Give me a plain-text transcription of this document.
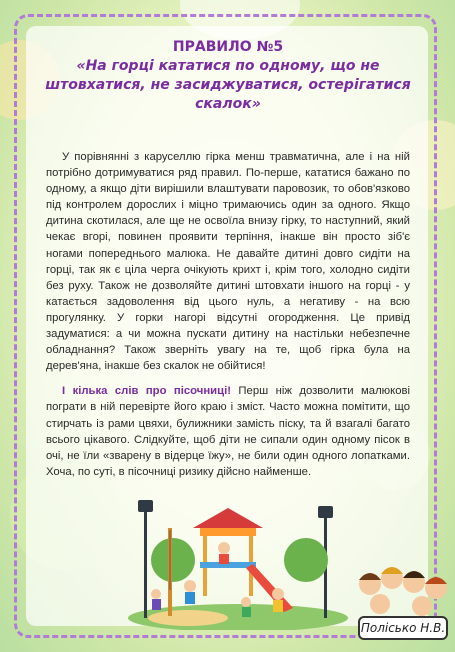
ПРАВИЛО №5
«На горці кататися по одному, що не штовхатися, не засиджуватися, остерігатися скалок»

У порівнянні з каруселлю гірка менш травматична, але і на ній потрібно дотримуватися ряд правил. По-перше, кататися бажано по одному, а якщо діти вирішили влаштувати паровозик, то обов'язково під контролем дорослих і міцно тримаючись один за одного. Якщо дитина скотилася, але ще не освоїла внизу гірку, то наступний, який чекає вгорі, повинен проявити терпіння, інакше він просто зіб'є ногами попереднього малюка. Не давайте дитині довго сидіти на горці, так як є ціла черга очікують крихт і, крім того, холодно сидіти без руху. Також не дозволяйте дитині штовхати іншого на горці - у катається задоволення від цього нуль, а негативу - на всю прогулянку. У горки нагорі відсутні огородження. Це привід задуматися: а чи можна пускати дитину на настільки небезпечне обладнання? Також зверніть увагу на те, щоб гірка була на дерев'яна, інакше без скалок не обійтися!

І кілька слів про пісочниці! Перш ніж дозволити малюкові пограти в ній перевірте його краю і зміст. Часто можна помітити, що стирчать із рами цвяхи, булижники замість піску, та й взагалі багато всього цікавого. Слідкуйте, щоб діти не сипали один одному пісок в очі, не їли «зварену в відерце їжу», не били один одного лопатками. Хоча, по суті, в пісочниці ризику дійсно найменше.

Полісько Н.В.
